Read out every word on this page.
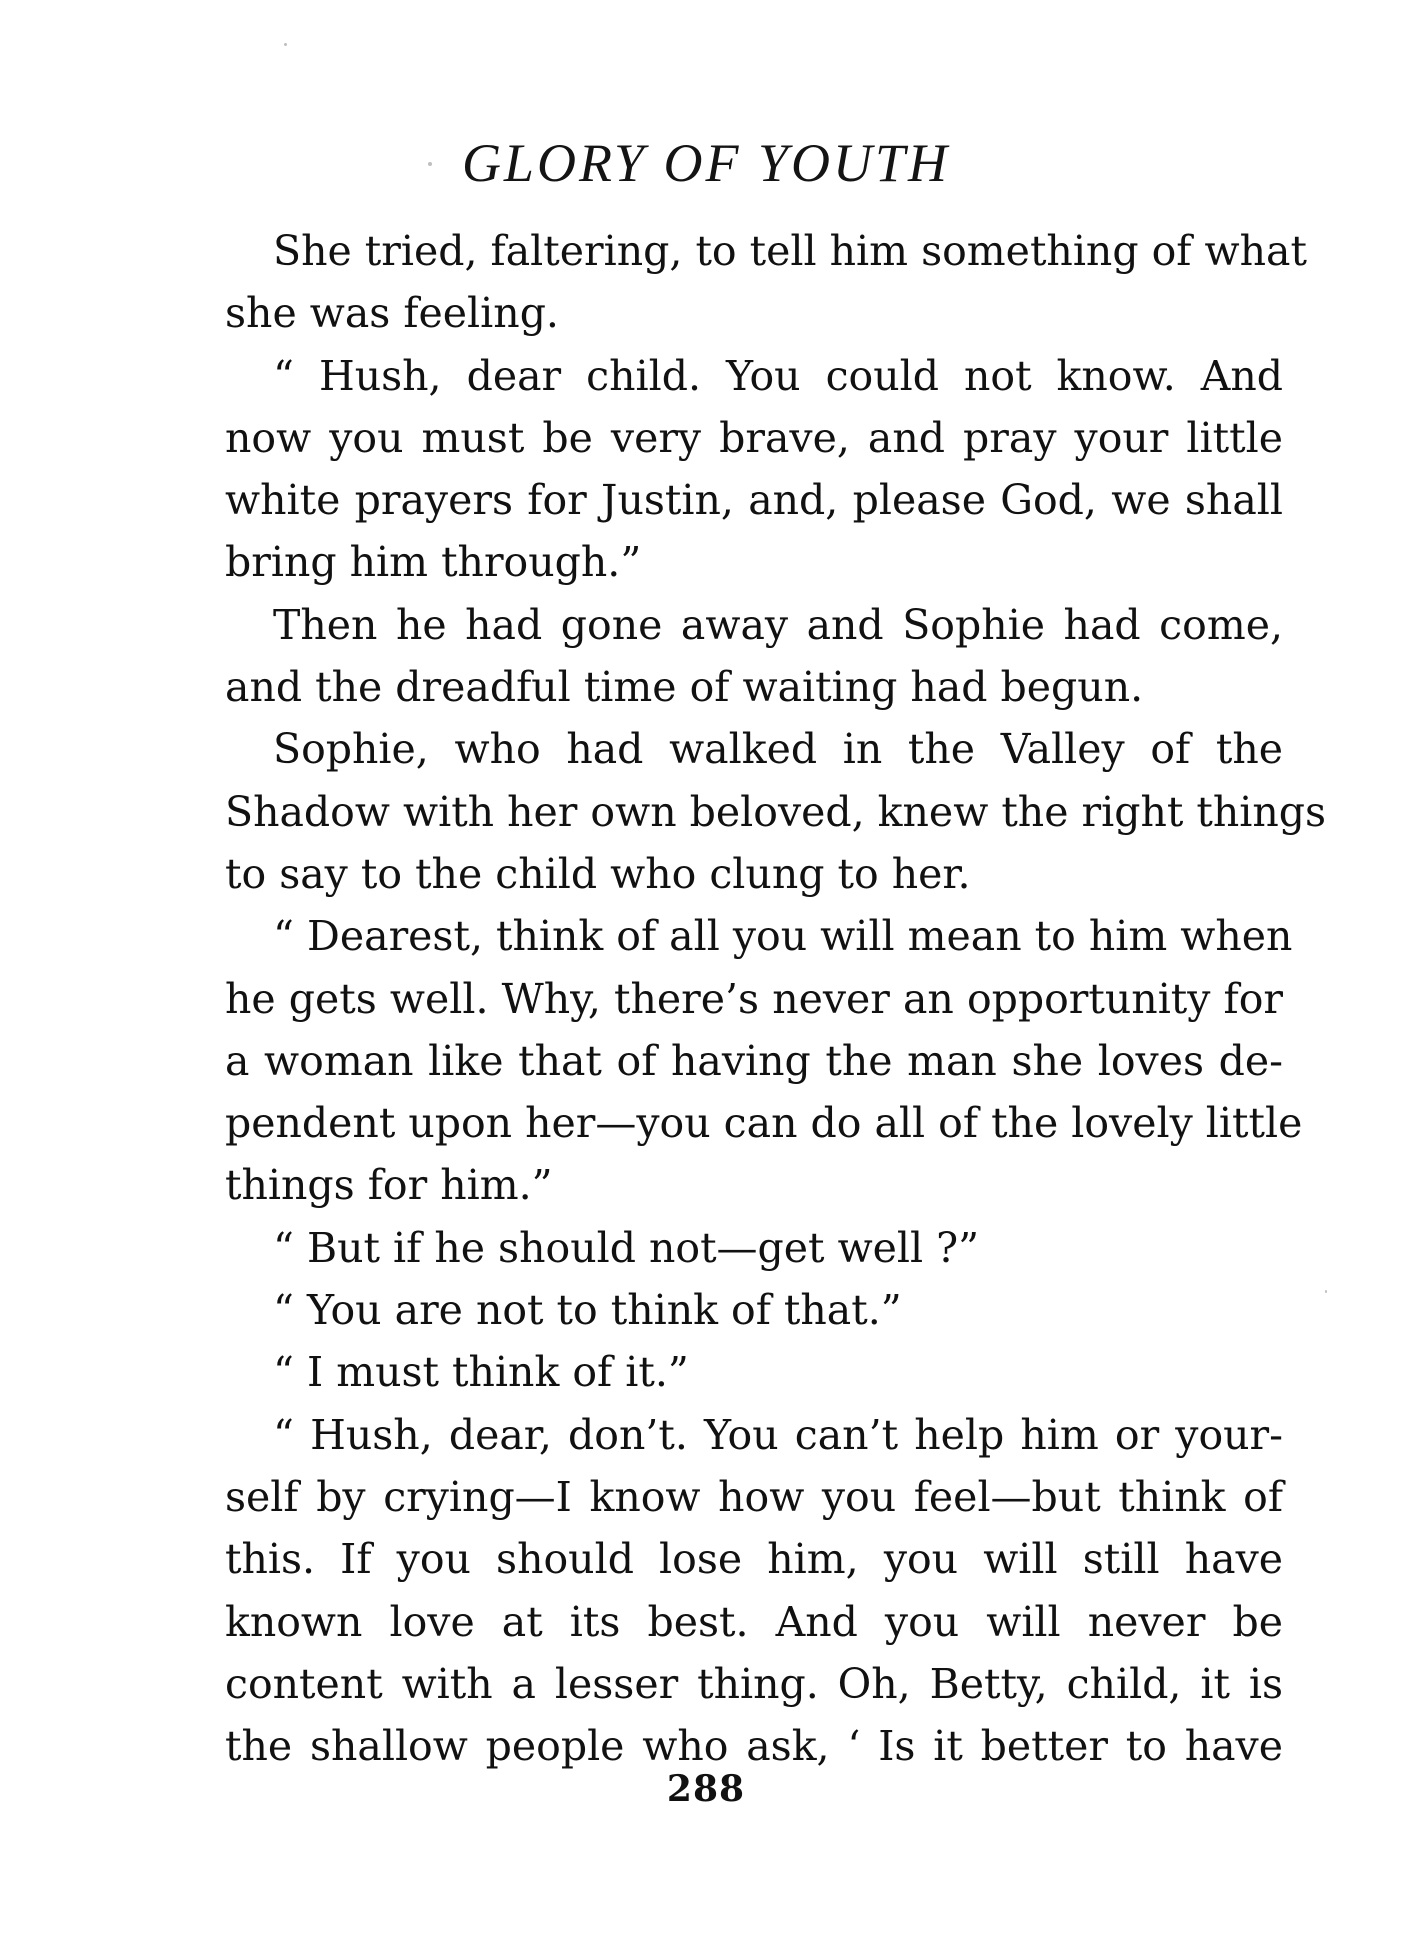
GLORY OF YOUTH

She tried, faltering, to tell him something of what
she was feeling.

“ Hush, dear child. You could not know. And
now you must be very brave, and pray your little
white prayers for Justin, and, please God, we shall
bring him through.”

Then he had gone away and Sophie had come,
and the dreadful time of waiting had begun.

Sophie, who had walked in the Valley of the
Shadow with her own beloved, knew the right things
to say to the child who clung to her.

“ Dearest, think of all you will mean to him when
he gets well. Why, there’s never an opportunity for
a woman like that of having the man she loves de-
pendent upon her—you can do all of the lovely little
things for him.”

“ But if he should not—get well ?”

“ You are not to think of that.”

“ I must think of it.”

“ Hush, dear, don’t. You can’t help him or your-
self by crying—I know how you feel—but think of
this. If you should lose him, you will still have
known love at its best. And you will never be
content with a lesser thing. Oh, Betty, child, it is
the shallow people who ask, ‘ Is it better to have

288
